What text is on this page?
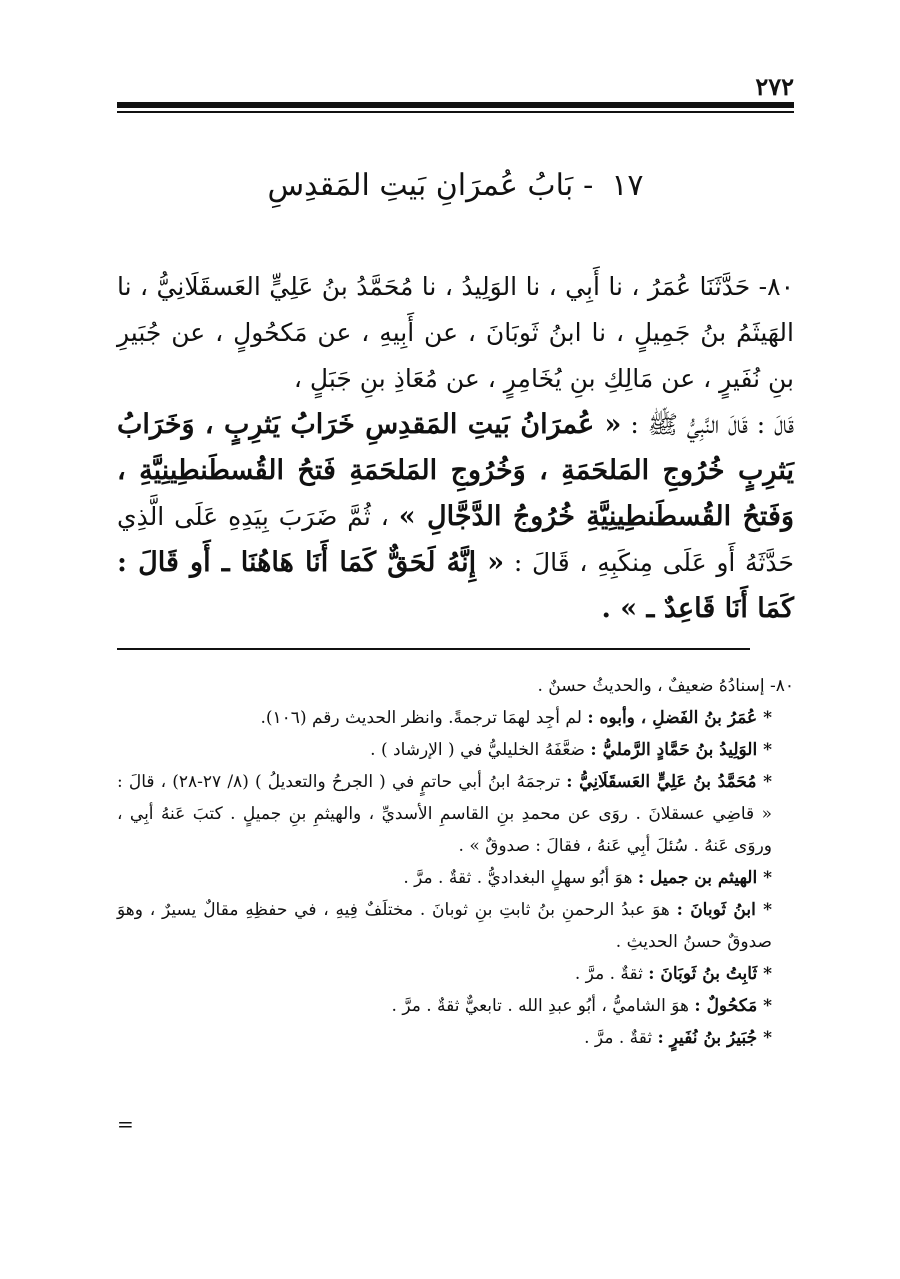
٢٧٢
١٧-بَابُ عُمرَانِ بَيتِ المَقدِسِ

٨٠- حَدَّثَنَا عُمَرُ ، نا أَبِي ، نا الوَلِيدُ ، نا مُحَمَّدُ بنُ عَلِيٍّ العَسقَلَانِيُّ ، نا الهَيثَمُ بنُ جَمِيلٍ ، نا ابنُ ثَوبَانَ ، عن أَبِيهِ ، عن مَكحُولٍ ، عن جُبَيرِ بنِ نُفَيرٍ ، عن مَالِكِ بنِ يُخَامِرٍ ، عن مُعَاذِ بنِ جَبَلٍ ،

قَالَ : قَالَ النَّبِيُّ ﷺ : « عُمرَانُ بَيتِ المَقدِسِ خَرَابُ يَثرِبٍ ، وَخَرَابُ يَثرِبٍ خُرُوجِ المَلحَمَةِ ، وَخُرُوجِ المَلحَمَةِ فَتحُ القُسطَنطِينِيَّةِ ، وَفَتحُ القُسطَنطِينِيَّةِ خُرُوجُ الدَّجَّالِ » ، ثُمَّ ضَرَبَ بِيَدِهِ عَلَى الَّذِي حَدَّثَهُ أَو عَلَى مِنكَبِهِ ، قَالَ : « إِنَّهُ لَحَقٌّ كَمَا أَنَا هَاهُنَا ـ أَو قَالَ : كَمَا أَنَا قَاعِدٌ ـ » .

٨٠- إسنادُهُ ضعيفٌ ، والحديثُ حسنٌ .

* عُمَرُ بنُ الفَضلِ ، وأبوه : لم أجِد لهمَا ترجمةً. وانظر الحديث رقم (١٠٦).

* الوَلِيدُ بنُ حَمَّادٍ الرَّمليُّ : ضعَّفَهُ الخليليُّ في ( الإرشاد ) .

* مُحَمَّدُ بنُ عَلِيٍّ العَسقَلَانِيُّ : ترجمَهُ ابنُ أبي حاتمٍ في ( الجرحُ والتعديلُ ) (٨/ ٢٧-٢٨) ، قالَ : « قاضِي عسقلانَ . روَى عن محمدِ بنِ القاسمِ الأسديِّ ، والهيثمِ بنِ جميلٍ . كتبَ عَنهُ أبِي ، وروَى عَنهُ . سُئلَ أبِي عَنهُ ، فقالَ : صدوقٌ » .

* الهيثم بن جميل : هوَ أبُو سهلٍ البغداديُّ . ثقةٌ . مرَّ .

* ابنُ ثَوبانَ : هوَ عبدُ الرحمنِ بنُ ثابتِ بنِ ثوبانَ . مختلَفٌ فِيهِ ، في حفظِهِ مقالٌ يسيرٌ ، وهوَ صدوقٌ حسنُ الحديثِ .

* ثَابِتُ بنُ ثَوبَانَ : ثقةٌ . مرَّ .

* مَكحُولٌ : هوَ الشاميُّ ، أبُو عبدِ الله . تابعيٌّ ثقةٌ . مرَّ .

* جُبَيرُ بنُ نُفَيرٍ : ثقةٌ . مرَّ .

=
